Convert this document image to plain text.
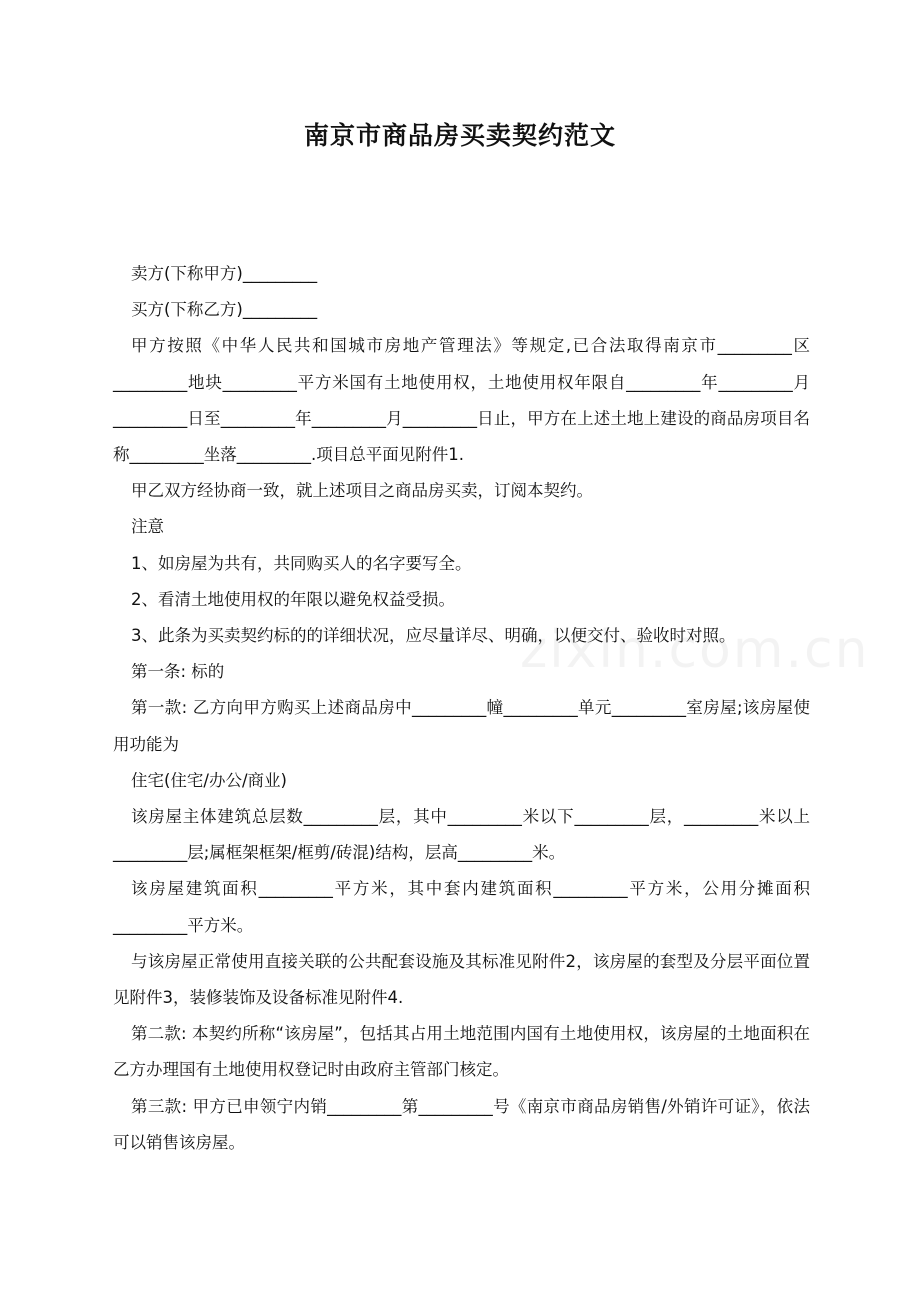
南京市商品房买卖契约范文

卖方(下称甲方)_________

买方(下称乙方)_________

甲方按照《中华人民共和国城市房地产管理法》等规定,已合法取得南京市_________区_________地块_________平方米国有土地使用权，土地使用权年限自_________年_________月_________日至_________年_________月_________日止，甲方在上述土地上建设的商品房项目名称_________坐落_________.项目总平面见附件1.

甲乙双方经协商一致，就上述项目之商品房买卖，订阅本契约。

注意

1、如房屋为共有，共同购买人的名字要写全。

2、看清土地使用权的年限以避免权益受损。

3、此条为买卖契约标的的详细状况，应尽量详尽、明确，以便交付、验收时对照。

第一条: 标的

第一款: 乙方向甲方购买上述商品房中_________幢_________单元_________室房屋;该房屋使用功能为

住宅(住宅/办公/商业)

该房屋主体建筑总层数_________层，其中_________米以下_________层，_________米以上_________层;属框架框架/框剪/砖混)结构，层高_________米。

该房屋建筑面积_________平方米，其中套内建筑面积_________平方米，公用分摊面积_________平方米。

与该房屋正常使用直接关联的公共配套设施及其标准见附件2，该房屋的套型及分层平面位置见附件3，装修装饰及设备标准见附件4.

第二款: 本契约所称“该房屋”，包括其占用土地范围内国有土地使用权，该房屋的土地面积在乙方办理国有土地使用权登记时由政府主管部门核定。

第三款: 甲方已申领宁内销_________第_________号《南京市商品房销售/外销许可证》，依法可以销售该房屋。
